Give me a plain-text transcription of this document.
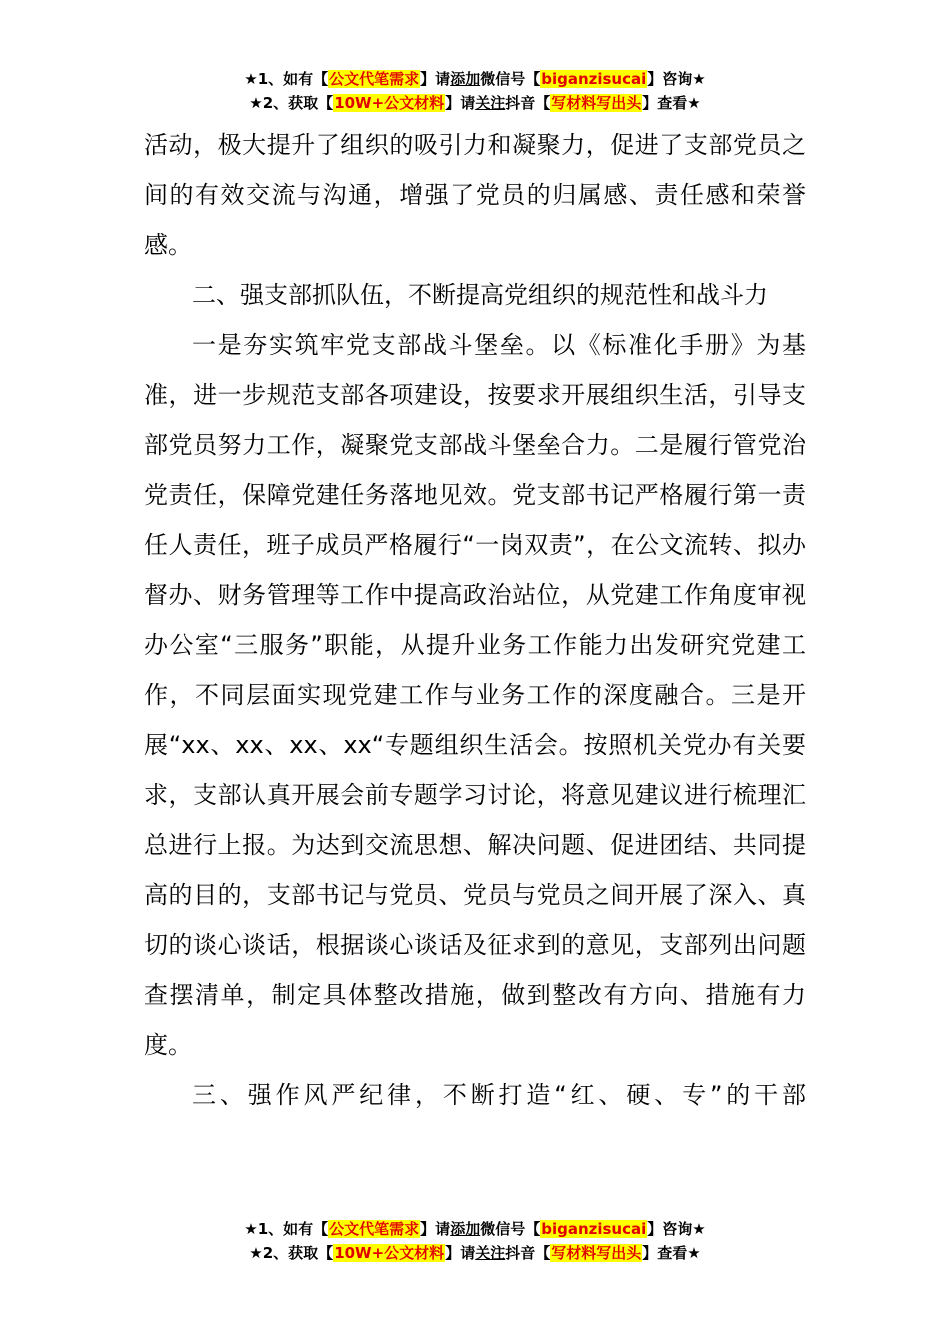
★1、如有【公文代笔需求】请添加微信号【biganzisucai】咨询★
★2、获取【10W+公文材料】请关注抖音【写材料写出头】查看★

活动，极大提升了组织的吸引力和凝聚力，促进了支部党员之间的有效交流与沟通，增强了党员的归属感、责任感和荣誉感。

二、强支部抓队伍，不断提高党组织的规范性和战斗力

一是夯实筑牢党支部战斗堡垒。以《标准化手册》为基准，进一步规范支部各项建设，按要求开展组织生活，引导支部党员努力工作，凝聚党支部战斗堡垒合力。二是履行管党治党责任，保障党建任务落地见效。党支部书记严格履行第一责任人责任，班子成员严格履行“一岗双责”，在公文流转、拟办督办、财务管理等工作中提高政治站位，从党建工作角度审视办公室“三服务”职能，从提升业务工作能力出发研究党建工作，不同层面实现党建工作与业务工作的深度融合。三是开展“xx、xx、xx、xx“专题组织生活会。按照机关党办有关要求，支部认真开展会前专题学习讨论，将意见建议进行梳理汇总进行上报。为达到交流思想、解决问题、促进团结、共同提高的目的，支部书记与党员、党员与党员之间开展了深入、真切的谈心谈话，根据谈心谈话及征求到的意见，支部列出问题查摆清单，制定具体整改措施，做到整改有方向、措施有力度。

三、强作风严纪律，不断打造“红、硬、专”的干部

★1、如有【公文代笔需求】请添加微信号【biganzisucai】咨询★
★2、获取【10W+公文材料】请关注抖音【写材料写出头】查看★
